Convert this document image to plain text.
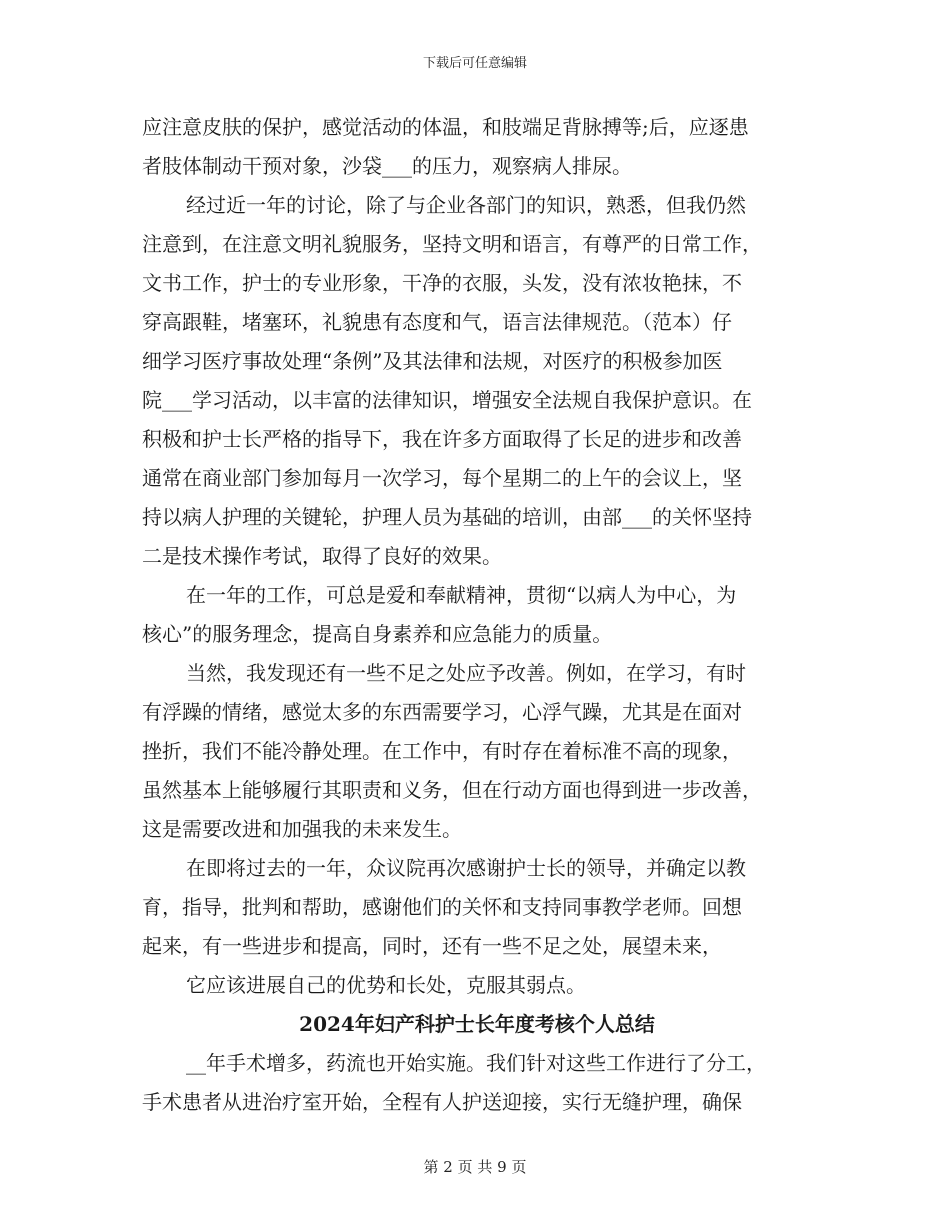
下载后可任意编辑
应注意皮肤的保护，感觉活动的体温，和肢端足背脉搏等;后，应逐患
者肢体制动干预对象，沙袋___的压力，观察病人排尿。
经过近一年的讨论，除了与企业各部门的知识，熟悉，但我仍然
注意到，在注意文明礼貌服务，坚持文明和语言，有尊严的日常工作，
文书工作，护士的专业形象，干净的衣服，头发，没有浓妆艳抹，不
穿高跟鞋，堵塞环，礼貌患有态度和气，语言法律规范。（范本）仔
细学习医疗事故处理“条例”及其法律和法规，对医疗的积极参加医
院___学习活动，以丰富的法律知识，增强安全法规自我保护意识。在
积极和护士长严格的指导下，我在许多方面取得了长足的进步和改善
通常在商业部门参加每月一次学习，每个星期二的上午的会议上，坚
持以病人护理的关键轮，护理人员为基础的培训，由部___的关怀坚持
二是技术操作考试，取得了良好的效果。
在一年的工作，可总是爱和奉献精神，贯彻“以病人为中心，为
核心”的服务理念，提高自身素养和应急能力的质量。
当然，我发现还有一些不足之处应予改善。例如，在学习，有时
有浮躁的情绪，感觉太多的东西需要学习，心浮气躁，尤其是在面对
挫折，我们不能冷静处理。在工作中，有时存在着标准不高的现象，
虽然基本上能够履行其职责和义务，但在行动方面也得到进一步改善，
这是需要改进和加强我的未来发生。
在即将过去的一年，众议院再次感谢护士长的领导，并确定以教
育，指导，批判和帮助，感谢他们的关怀和支持同事教学老师。回想
起来，有一些进步和提高，同时，还有一些不足之处，展望未来，
它应该进展自己的优势和长处，克服其弱点。
2024年妇产科护士长年度考核个人总结
__年手术增多，药流也开始实施。我们针对这些工作进行了分工，
手术患者从进治疗室开始，全程有人护送迎接，实行无缝护理，确保
第 2 页 共 9 页
